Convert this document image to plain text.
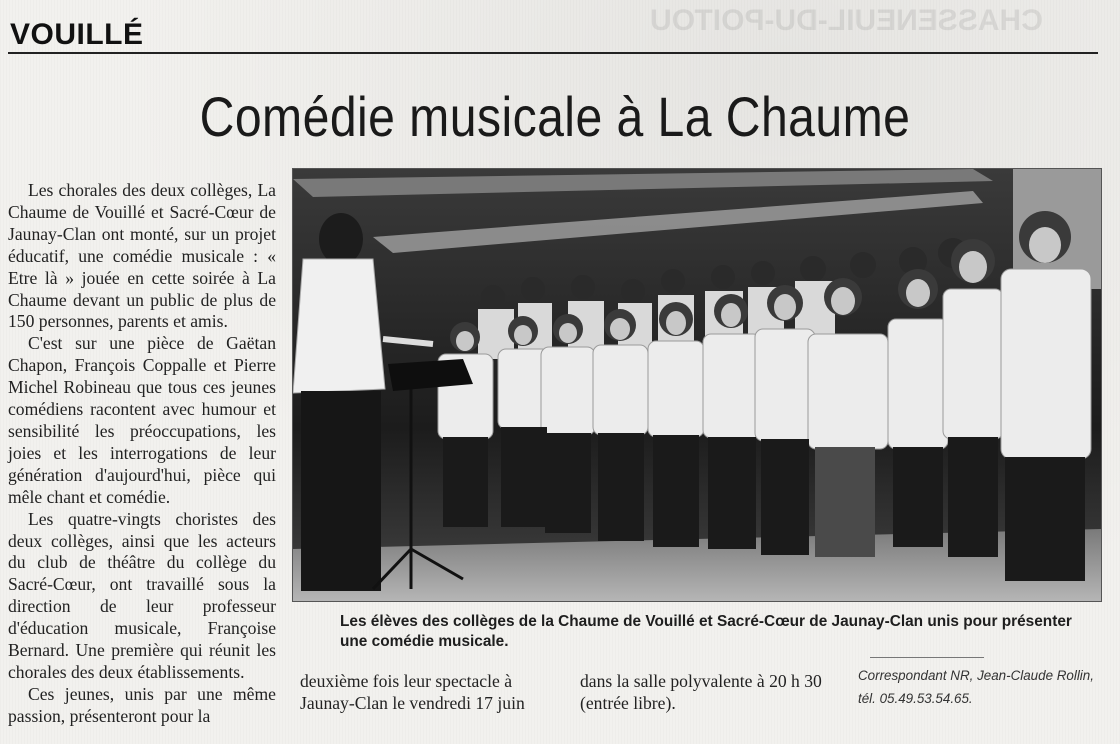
CHASSENEUIL-DU-POITOU
VOUILLÉ
Comédie musicale à La Chaume

Les chorales des deux collèges, La Chaume de Vouillé et Sacré-Cœur de Jaunay-Clan ont monté, sur un projet éducatif, une comédie musicale : « Etre là » jouée en cette soirée à La Chaume devant un public de plus de 150 personnes, parents et amis.

C'est sur une pièce de Gaëtan Chapon, François Coppalle et Pierre Michel Robineau que tous ces jeunes comédiens racontent avec humour et sensibilité les préoccupations, les joies et les interrogations de leur génération d'aujourd'hui, pièce qui mêle chant et comédie.

Les quatre-vingts choristes des deux collèges, ainsi que les acteurs du club de théâtre du collège du Sacré-Cœur, ont travaillé sous la direction de leur professeur d'éducation musicale, Françoise Bernard. Une première qui réunit les chorales des deux établissements.

Ces jeunes, unis par une même passion, présenteront pour la

Les élèves des collèges de la Chaume de Vouillé et Sacré-Cœur de Jaunay-Clan unis pour présenter
une comédie musicale.
deuxième fois leur spectacle à
Jaunay-Clan le vendredi 17 juin
dans la salle polyvalente à 20 h 30
(entrée libre).
Correspondant NR, Jean-Claude Rollin,
tél. 05.49.53.54.65.
